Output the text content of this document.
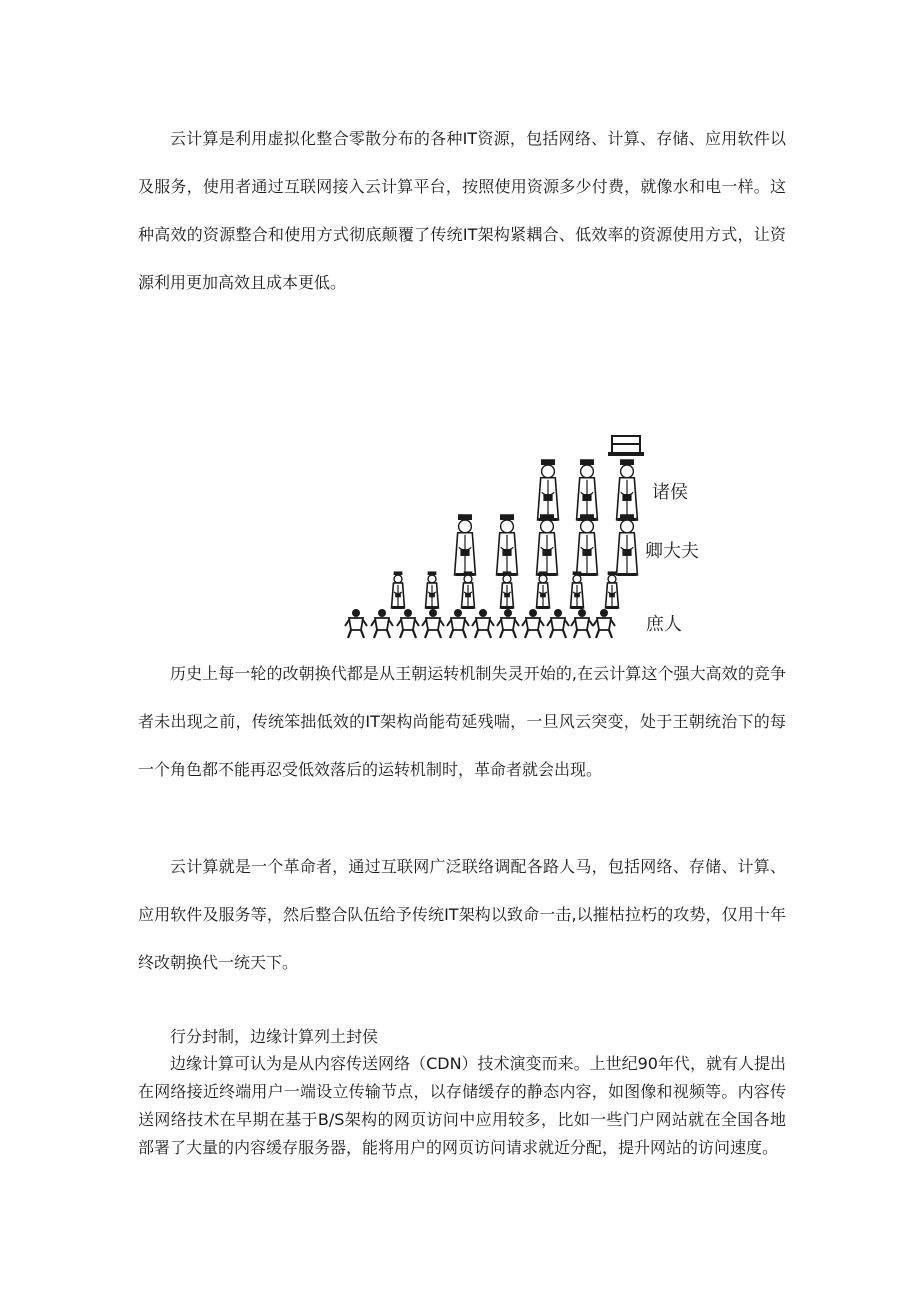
云计算是利用虚拟化整合零散分布的各种IT资源，包括网络、计算、存储、应用软件以及服务，使用者通过互联网接入云计算平台，按照使用资源多少付费，就像水和电一样。这种高效的资源整合和使用方式彻底颠覆了传统IT架构紧耦合、低效率的资源使用方式，让资源利用更加高效且成本更低。

诸侯
卿大夫
庶人

历史上每一轮的改朝换代都是从王朝运转机制失灵开始的,在云计算这个强大高效的竞争者未出现之前，传统笨拙低效的IT架构尚能苟延残喘，一旦风云突变，处于王朝统治下的每一个角色都不能再忍受低效落后的运转机制时，革命者就会出现。

云计算就是一个革命者，通过互联网广泛联络调配各路人马，包括网络、存储、计算、应用软件及服务等，然后整合队伍给予传统IT架构以致命一击,以摧枯拉朽的攻势，仅用十年终改朝换代一统天下。

行分封制，边缘计算列土封侯

边缘计算可认为是从内容传送网络（CDN）技术演变而来。上世纪90年代，就有人提出在网络接近终端用户一端设立传输节点，以存储缓存的静态内容，如图像和视频等。内容传送网络技术在早期在基于B/S架构的网页访问中应用较多，比如一些门户网站就在全国各地部署了大量的内容缓存服务器，能将用户的网页访问请求就近分配，提升网站的访问速度。
